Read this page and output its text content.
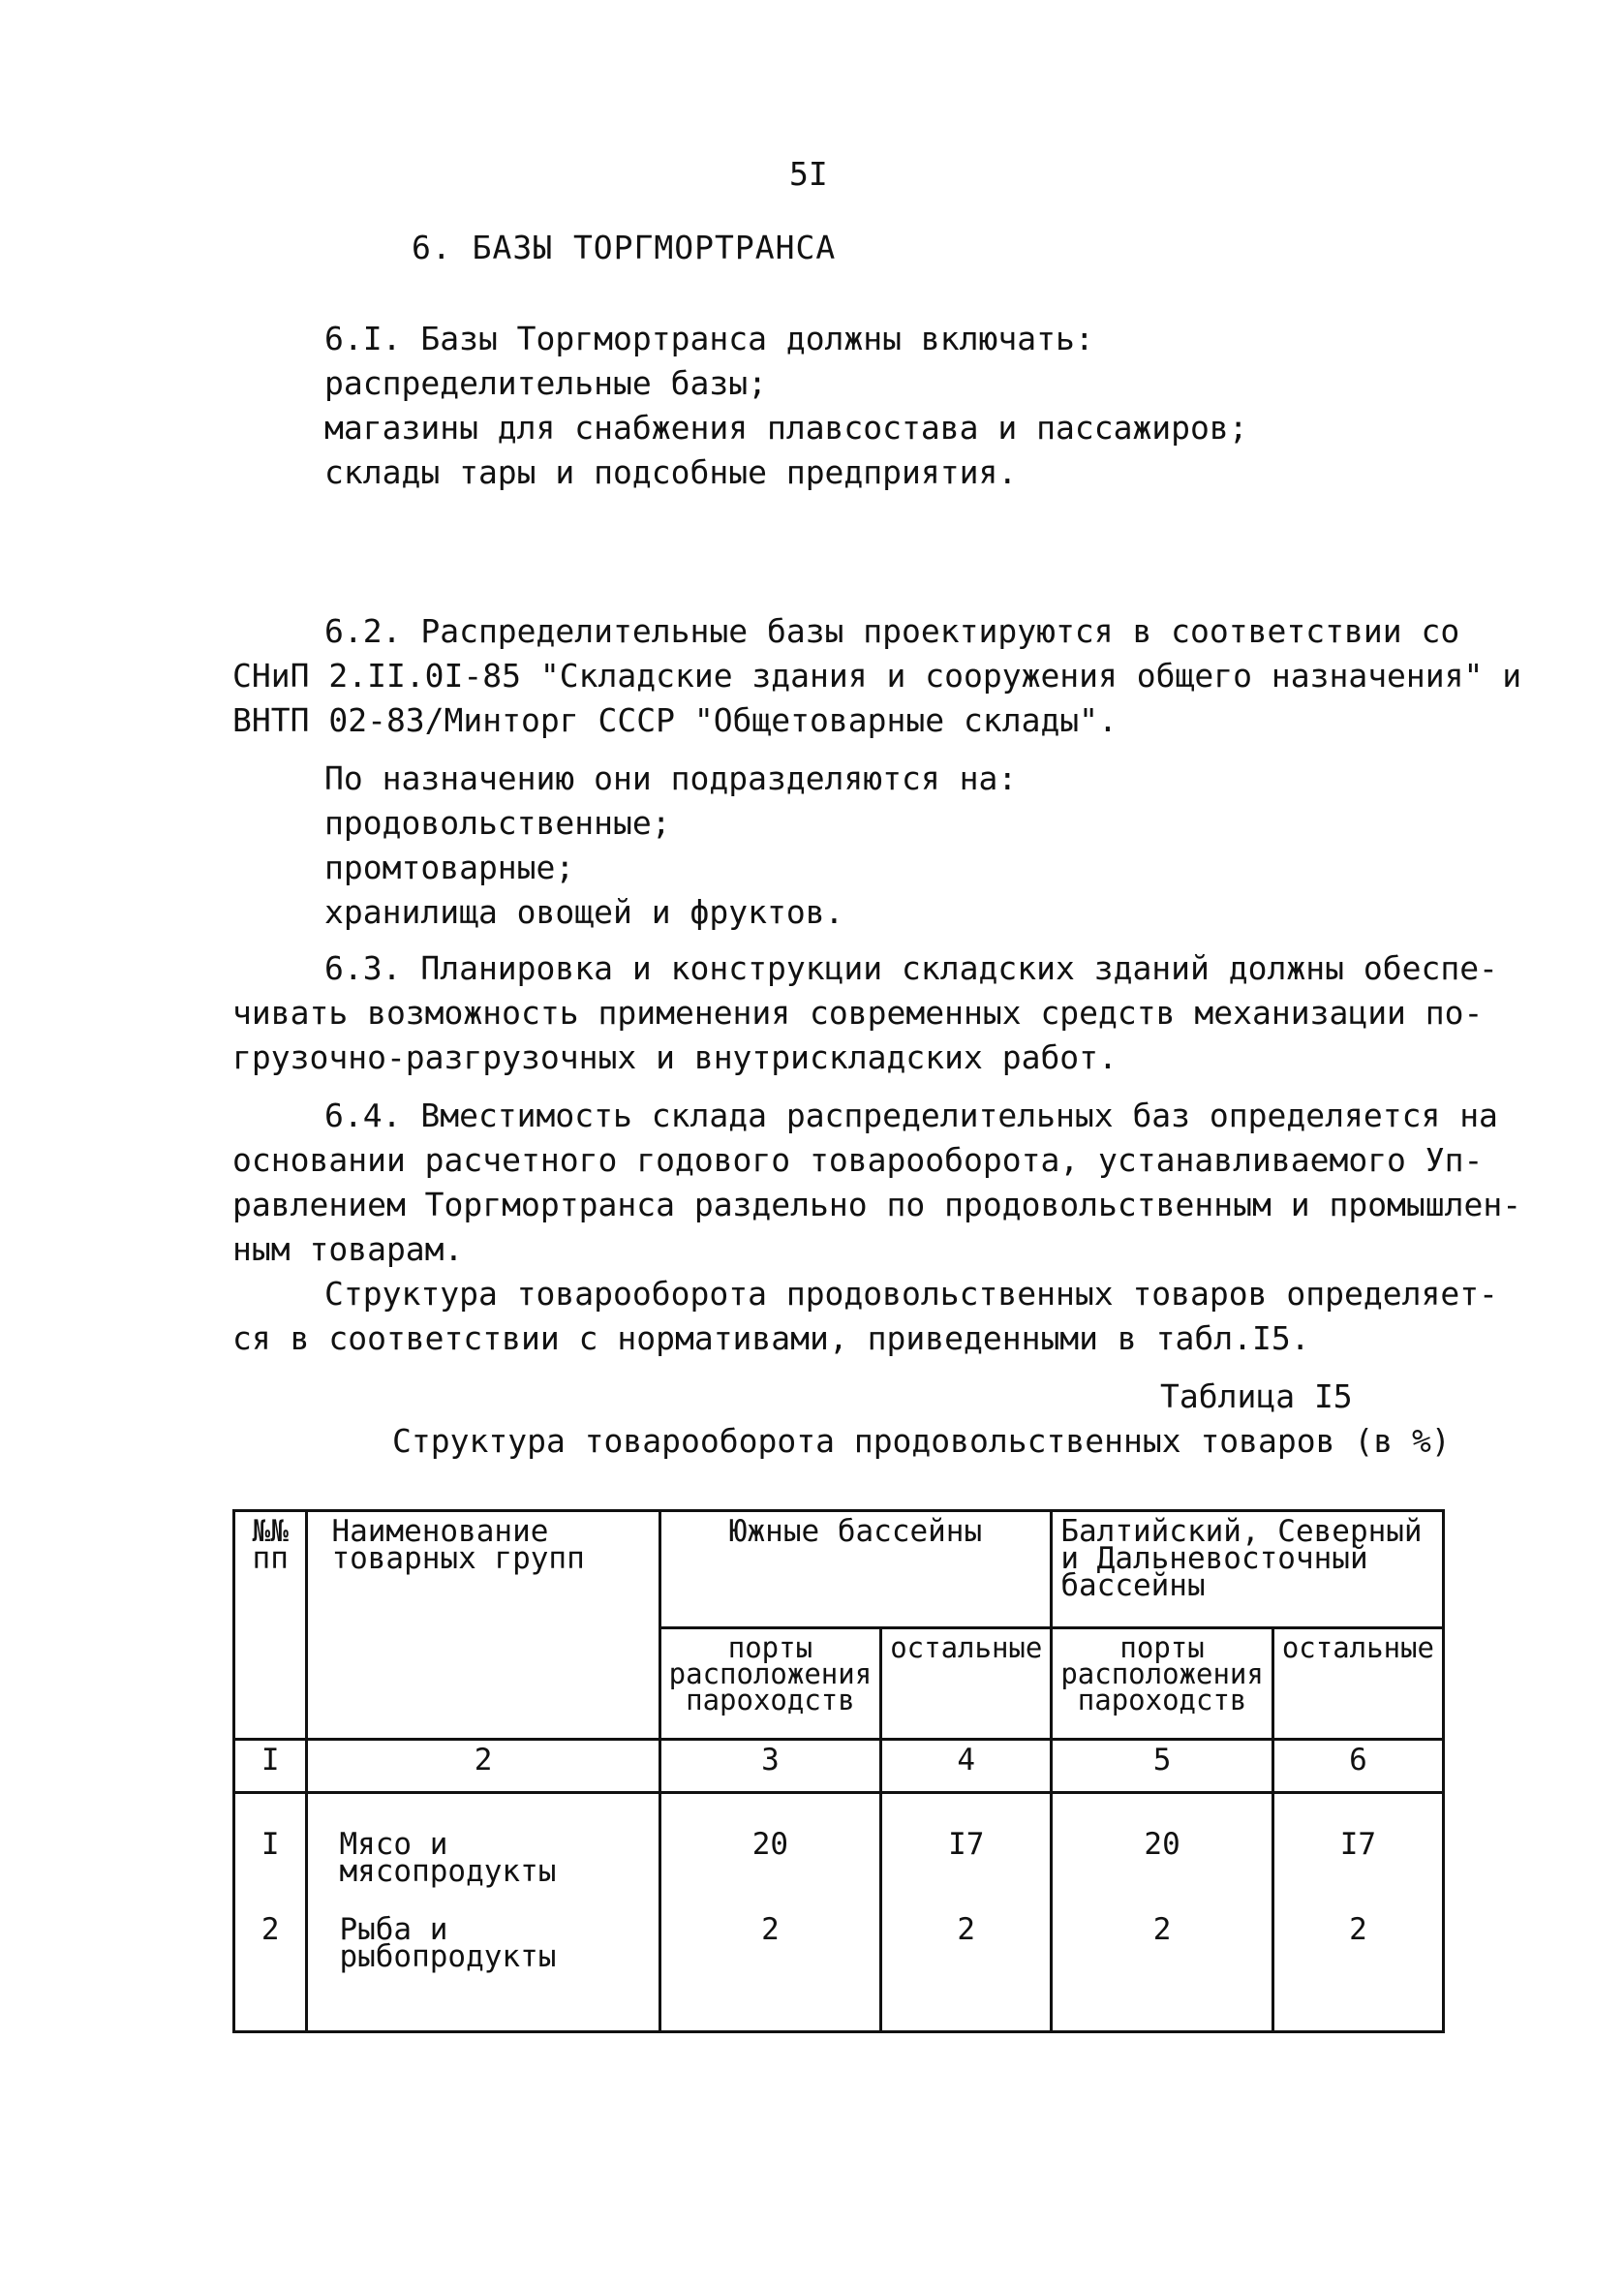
5I
6. БАЗЫ ТОРГМОРТРАНСА
6.I. Базы Торгмортранса должны включать:
распределительные базы;
магазины для снабжения плавсостава и пассажиров;
склады тары и подсобные предприятия.
6.2. Распределительные базы проектируются в соответствии со
СНиП 2.II.0I-85 "Складские здания и сооружения общего назначения" и
ВНТП 02-83/Минторг СССР "Общетоварные склады".
По назначению они подразделяются на:
продовольственные;
промтоварные;
хранилища овощей и фруктов.
6.3. Планировка и конструкции складских зданий должны обеспе-
чивать возможность применения современных средств механизации по-
грузочно-разгрузочных и внутрискладских работ.
6.4. Вместимость склада распределительных баз определяется на
основании расчетного годового товарооборота, устанавливаемого Уп-
равлением Торгмортранса раздельно по продовольственным и промышлен-
ным товарам.
Структура товарооборота продовольственных товаров определяет-
ся в соответствии с нормативами, приведенными в табл.I5.
Таблица I5
Структура товарооборота продовольственных товаров (в %)
№№ пп	Наименование товарных групп	Южные бассейны		Балтийский, Северный и Дальневосточный бассейны	
		порты расположения пароходств	остальные	порты расположения пароходств	остальные
I	2	3	4	5	6
I	Мясо и мясопродукты	20	I7	20	I7
2	Рыба и рыбопродукты	2	2	2	2
